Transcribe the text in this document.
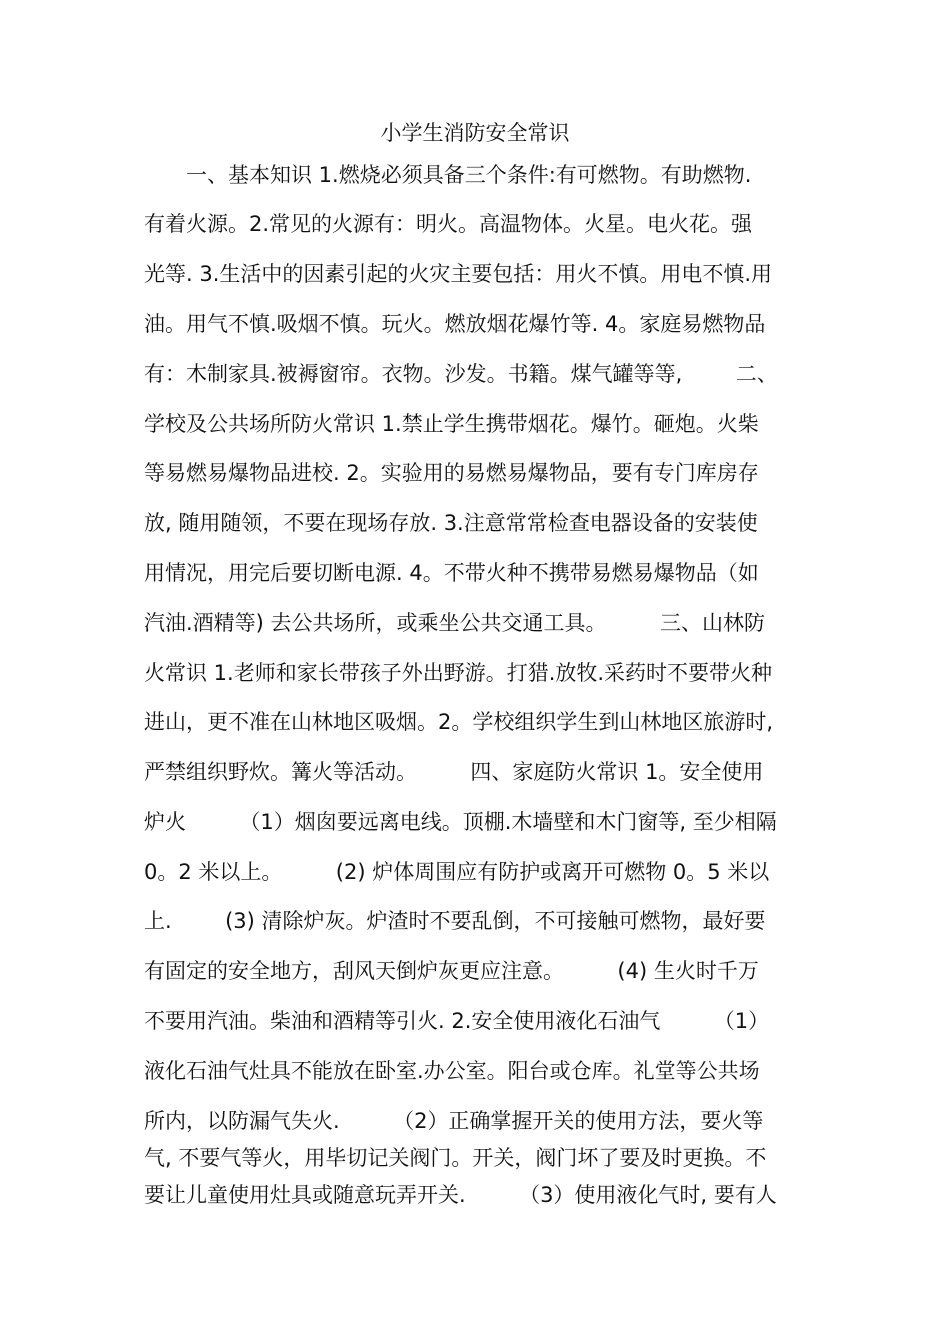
小学生消防安全常识
一、基本知识 1.燃烧必须具备三个条件:有可燃物。有助燃物.
有着火源。2.常见的火源有：明火。高温物体。火星。电火花。强
光等. 3.生活中的因素引起的火灾主要包括：用火不慎。用电不慎.用
油。用气不慎.吸烟不慎。玩火。燃放烟花爆竹等. 4。家庭易燃物品
有：木制家具.被褥窗帘。衣物。沙发。书籍。煤气罐等等,        二、
学校及公共场所防火常识 1.禁止学生携带烟花。爆竹。砸炮。火柴
等易燃易爆物品进校. 2。实验用的易燃易爆物品，要有专门库房存
放, 随用随领，不要在现场存放. 3.注意常常检查电器设备的安装使
用情况，用完后要切断电源. 4。不带火种不携带易燃易爆物品（如
汽油.酒精等) 去公共场所，或乘坐公共交通工具。        三、山林防
火常识 1.老师和家长带孩子外出野游。打猎.放牧.采药时不要带火种
进山，更不准在山林地区吸烟。2。学校组织学生到山林地区旅游时,
严禁组织野炊。篝火等活动。        四、家庭防火常识 1。安全使用
炉火        （1）烟囱要远离电线。顶棚.木墙壁和木门窗等, 至少相隔
0。2 米以上。        (2) 炉体周围应有防护或离开可燃物 0。5 米以
上.        (3) 清除炉灰。炉渣时不要乱倒，不可接触可燃物，最好要
有固定的安全地方，刮风天倒炉灰更应注意。        (4) 生火时千万
不要用汽油。柴油和酒精等引火. 2.安全使用液化石油气        （1）
液化石油气灶具不能放在卧室.办公室。阳台或仓库。礼堂等公共场
所内，以防漏气失火.        （2）正确掌握开关的使用方法，要火等
气, 不要气等火，用毕切记关阀门。开关，阀门坏了要及时更换。不
要让儿童使用灶具或随意玩弄开关.        （3）使用液化气时, 要有人
